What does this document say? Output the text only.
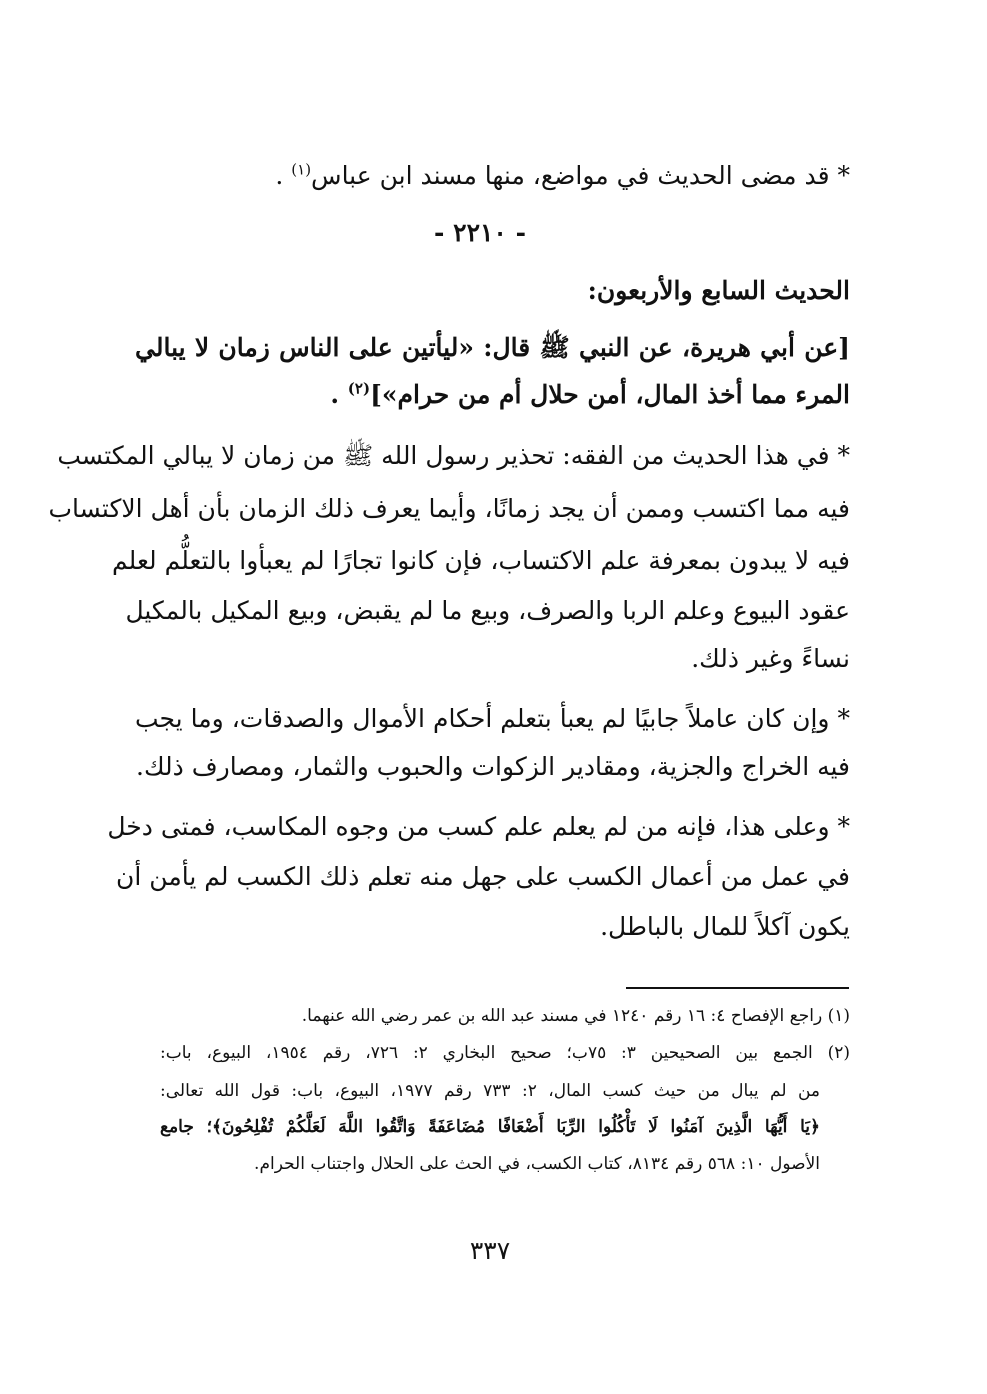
* قد مضى الحديث في مواضع، منها مسند ابن عباس$^{(١)}$ .
- ٢٢١٠ -
الحديث السابع والأربعون:
[عن أبي هريرة، عن النبي ﷺ قال: «ليأتين على الناس زمان لا يبالي
المرء مما أخذ المال، أمن حلال أم من حرام»]$^{(٢)}$ .
* في هذا الحديث من الفقه: تحذير رسول الله ﷺ من زمان لا يبالي المكتسب
فيه مما اكتسب وممن أن يجد زمانًا، وأيما يعرف ذلك الزمان بأن أهل الاكتساب
فيه لا يبدون بمعرفة علم الاكتساب، فإن كانوا تجارًا لم يعبأوا بالتعلُّم لعلم
عقود البيوع وعلم الربا والصرف، وبيع ما لم يقبض، وبيع المكيل بالمكيل
نساءً وغير ذلك.
* وإن كان عاملاً جابيًا لم يعبأ بتعلم أحكام الأموال والصدقات، وما يجب
فيه الخراج والجزية، ومقادير الزكوات والحبوب والثمار، ومصارف ذلك.
* وعلى هذا، فإنه من لم يعلم علم كسب من وجوه المكاسب، فمتى دخل
في عمل من أعمال الكسب على جهل منه تعلم ذلك الكسب لم يأمن أن
يكون آكلاً للمال بالباطل.
(١) راجع الإفصاح ٤: ١٦ رقم ١٢٤٠ في مسند عبد الله بن عمر رضي الله عنهما.
(٢) الجمع بين الصحيحين ٣: ٧٥ب؛ صحيح البخاري ٢: ٧٢٦، رقم ١٩٥٤، البيوع، باب:
من لم يبال من حيث كسب المال، ٢: ٧٣٣ رقم ١٩٧٧، البيوع، باب: قول الله تعالى:
﴿يَا أَيُّهَا الَّذِينَ آمَنُوا لَا تَأْكُلُوا الرِّبَا أَضْعَافًا مُضَاعَفَةً وَاتَّقُوا اللَّهَ لَعَلَّكُمْ تُفْلِحُونَ﴾؛ جامع
الأصول ١٠: ٥٦٨ رقم ٨١٣٤، كتاب الكسب، في الحث على الحلال واجتناب الحرام.
٣٣٧
